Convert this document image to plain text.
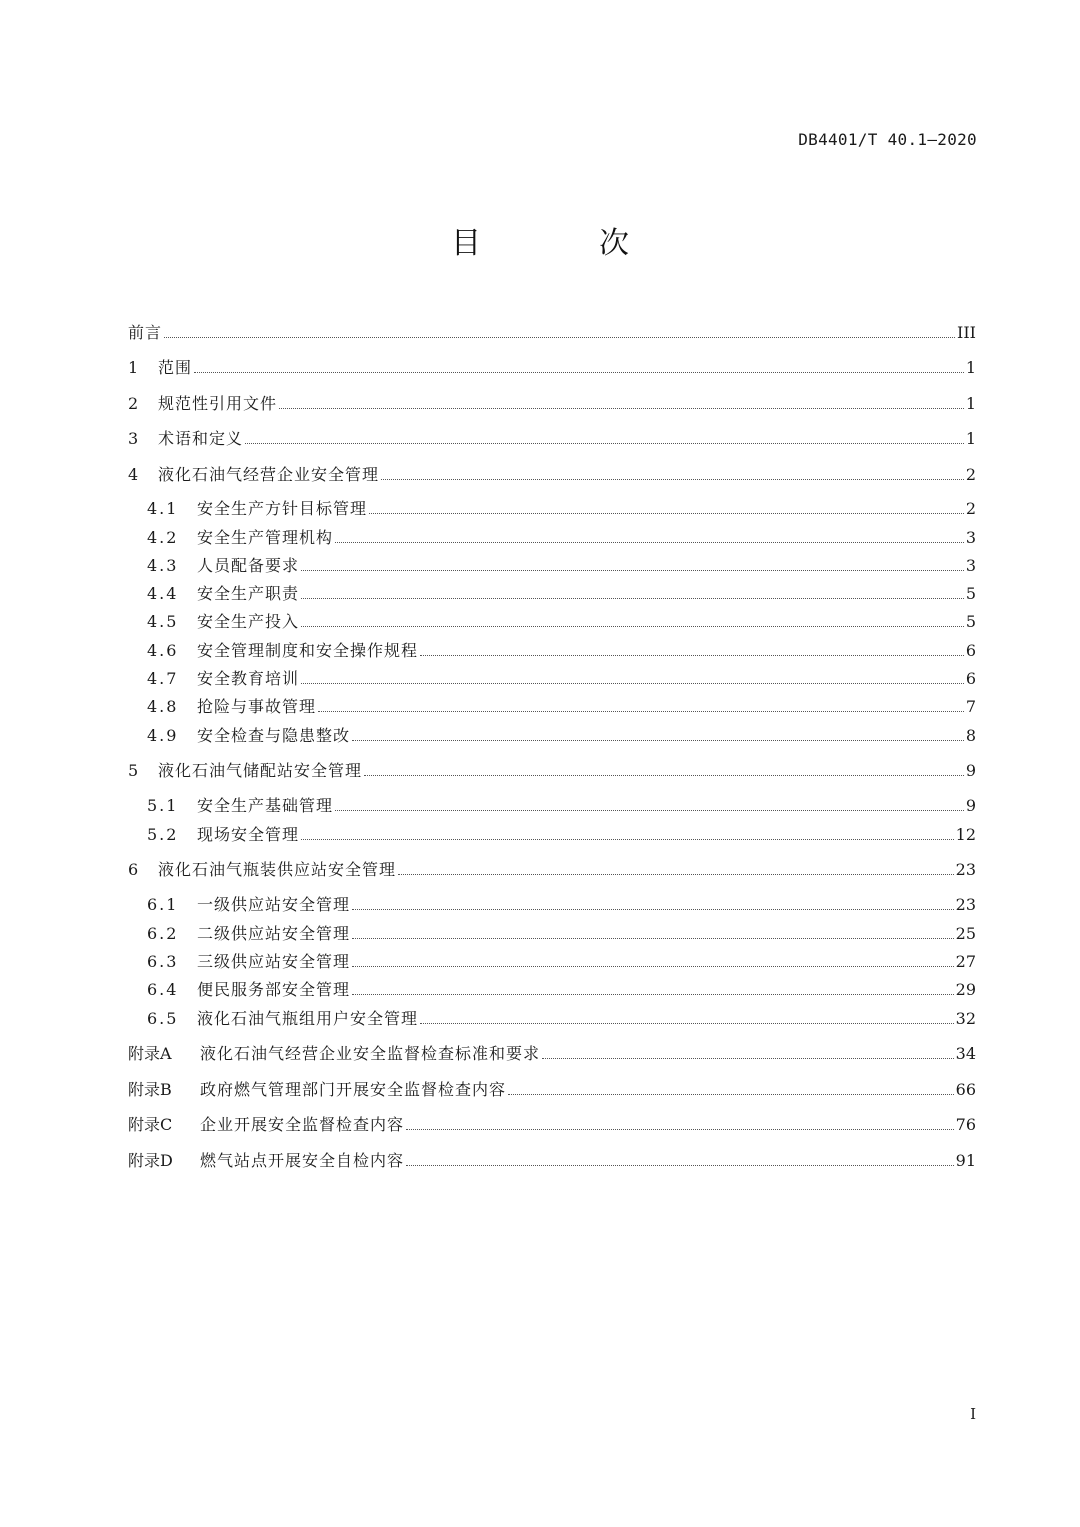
DB4401/T 40.1—2020
目　次
前言	III
1	范围	1
2	规范性引用文件	1
3	术语和定义	1
4	液化石油气经营企业安全管理	2
4.1	安全生产方针目标管理	2
4.2	安全生产管理机构	3
4.3	人员配备要求	3
4.4	安全生产职责	5
4.5	安全生产投入	5
4.6	安全管理制度和安全操作规程	6
4.7	安全教育培训	6
4.8	抢险与事故管理	7
4.9	安全检查与隐患整改	8
5	液化石油气储配站安全管理	9
5.1	安全生产基础管理	9
5.2	现场安全管理	12
6	液化石油气瓶装供应站安全管理	23
6.1	一级供应站安全管理	23
6.2	二级供应站安全管理	25
6.3	三级供应站安全管理	27
6.4	便民服务部安全管理	29
6.5	液化石油气瓶组用户安全管理	32
附录A	液化石油气经营企业安全监督检查标准和要求	34
附录B	政府燃气管理部门开展安全监督检查内容	66
附录C	企业开展安全监督检查内容	76
附录D	燃气站点开展安全自检内容	91
I
